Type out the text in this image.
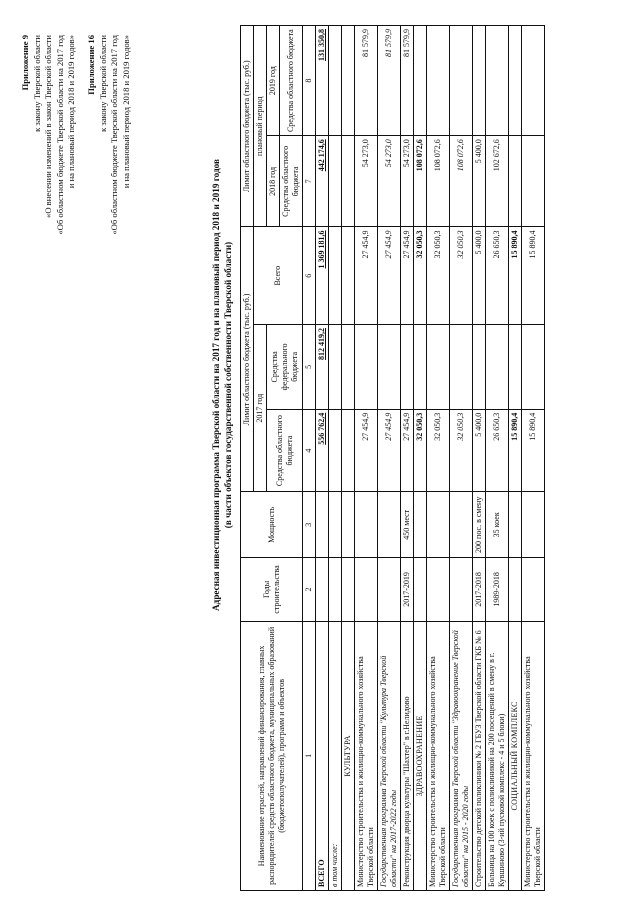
Приложение 9 к закону Тверской области «О внесении изменений в закон Тверской области «Об областном бюджете Тверской области на 2017 год и на плановый период 2018 и 2019 годов» Приложение 16 к закону Тверской области «Об областном бюджете Тверской области на 2017 год и на плановый период 2018 и 2019 годов»
Адресная инвестиционная программа Тверской области на 2017 год и на плановый период 2018 и 2019 годов (в части объектов государственной собственности Тверской области)
Наименование отраслей, направлений финансирования, главных распорядителей средств областного бюджета, муниципальных образований (бюджетополучателей), программ и объектов	Годы строительства	Мощность	Лимит областного бюджета (тыс. руб.)			Лимит областного бюджета (тыс. руб.)	
			2017 год		Всего	плановый период	
			Средства областного бюджета	Средства федерального бюджета		2018 год	2019 год
						Средства областного бюджета	Средства областного бюджета
1	2	3	4	5	6	7	8
ВСЕГО			556 762,4	812 419,2	1 369 181,6	442 174,6	131 350,8
в том числе:							
КУЛЬТУРА							
Министерство строительства и жилищно-коммунального хозяйства Тверской области			27 454,9		27 454,9	54 273,0	81 579,9
Государственная программа Тверской области "Культура Тверской области" на 2017-2022 годы			27 454,9		27 454,9	54 273,0	81 579,9
Реконструкция дворца культуры "Шахтер" в г.Нелидово	2017-2019	450 мест	27 454,9		27 454,9	54 273,0	81 579,9
ЗДРАВООХРАНЕНИЕ			32 050,3		32 050,3	108 072,6	
Министерство строительства и жилищно-коммунального хозяйства Тверской области			32 050,3		32 050,3	108 072,6	
Государственная программа Тверской области "Здравоохранение Тверской области" на 2015 - 2020 годы			32 050,3		32 050,3	108 072,6	
Строительство детской поликлиники № 2 ГБУЗ Тверской области ГКБ № 6	2017-2018	200 пос. в смену	5 400,0		5 400,0	5 400,0	
Больница на 100 коек с поликлиникой на 200 посещений в смену в г. Кувшиново (3-ий пусковой комплекс - 4 и 5 блоки)	1989-2018	35 коек	26 650,3		26 650,3	102 672,6	
СОЦИАЛЬНЫЙ КОМПЛЕКС			15 890,4		15 890,4		
Министерство строительства и жилищно-коммунального хозяйства Тверской области			15 890,4		15 890,4		
